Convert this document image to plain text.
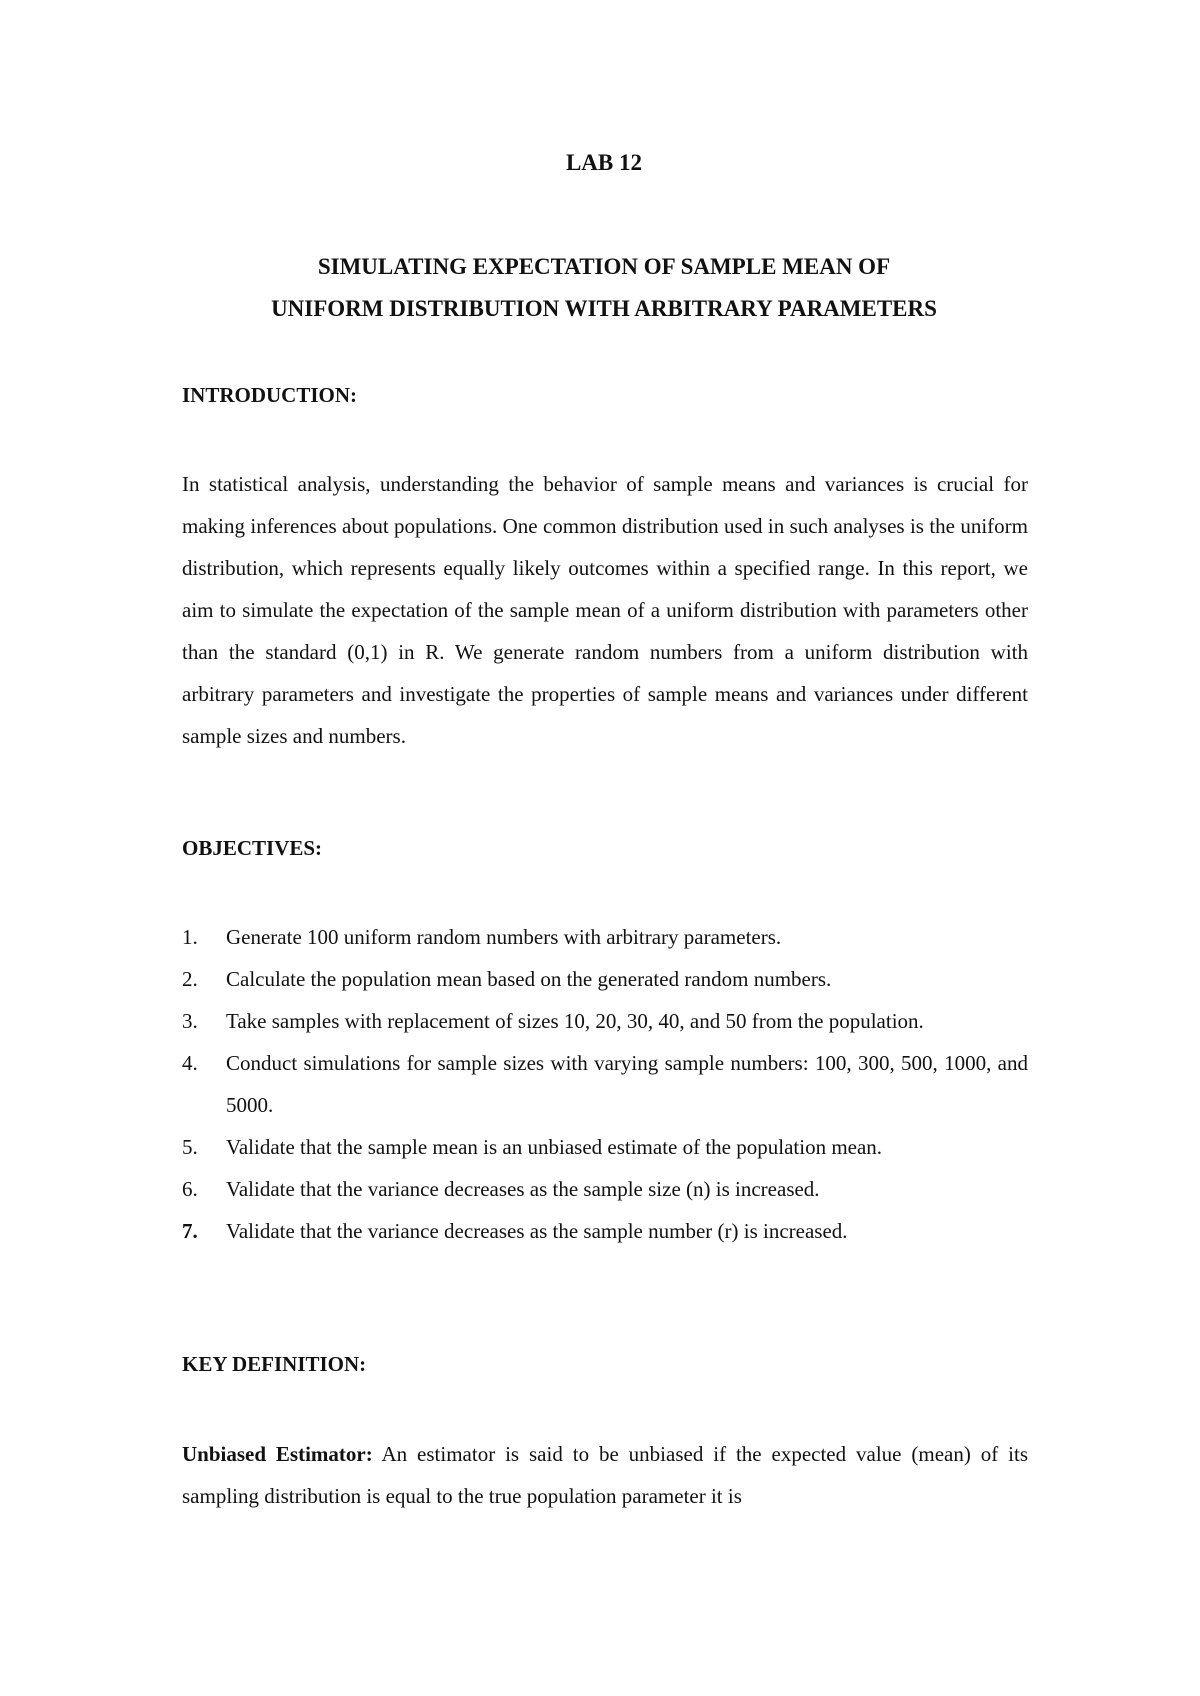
LAB 12
SIMULATING EXPECTATION OF SAMPLE MEAN OF
UNIFORM DISTRIBUTION WITH ARBITRARY PARAMETERS
INTRODUCTION:

In statistical analysis, understanding the behavior of sample means and variances is crucial for making inferences about populations. One common distribution used in such analyses is the uniform distribution, which represents equally likely outcomes within a specified range. In this report, we aim to simulate the expectation of the sample mean of a uniform distribution with parameters other than the standard (0,1) in R. We generate random numbers from a uniform distribution with arbitrary parameters and investigate the properties of sample means and variances under different sample sizes and numbers.

OBJECTIVES:
1. Generate 100 uniform random numbers with arbitrary parameters.
2. Calculate the population mean based on the generated random numbers.
3. Take samples with replacement of sizes 10, 20, 30, 40, and 50 from the population.
4. Conduct simulations for sample sizes with varying sample numbers: 100, 300, 500, 1000, and 5000.
5. Validate that the sample mean is an unbiased estimate of the population mean.
6. Validate that the variance decreases as the sample size (n) is increased.
7. Validate that the variance decreases as the sample number (r) is increased.
KEY DEFINITION:

Unbiased Estimator: An estimator is said to be unbiased if the expected value (mean) of its sampling distribution is equal to the true population parameter it is
